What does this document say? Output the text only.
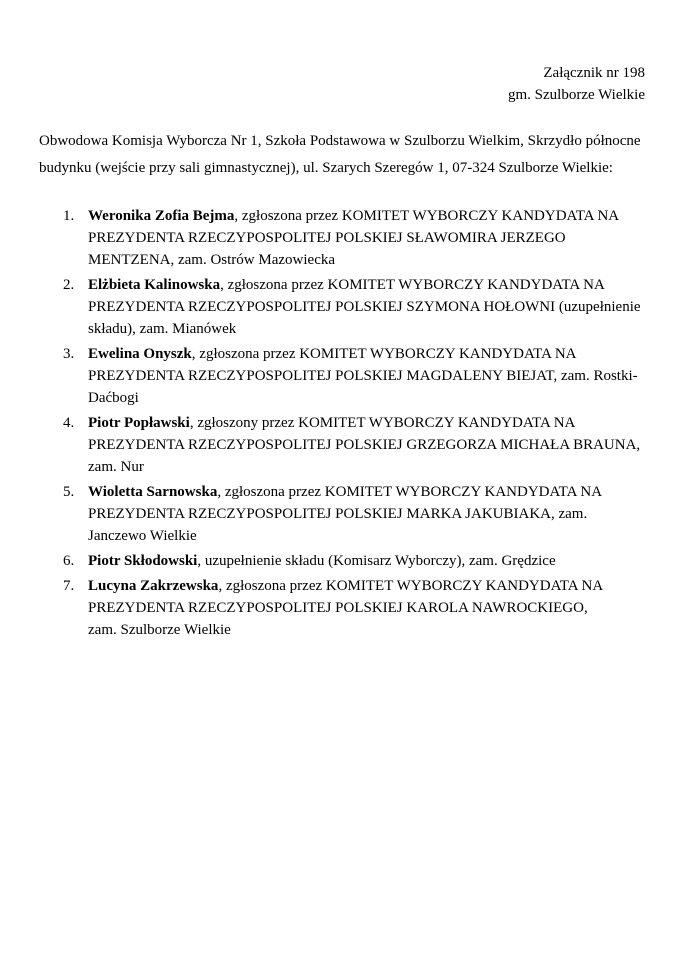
Załącznik nr 198
gm. Szulborze Wielkie

Obwodowa Komisja Wyborcza Nr 1, Szkoła Podstawowa w Szulborzu Wielkim, Skrzydło północne budynku (wejście przy sali gimnastycznej), ul. Szarych Szeregów 1, 07-324 Szulborze Wielkie:

1. Weronika Zofia Bejma, zgłoszona przez KOMITET WYBORCZY KANDYDATA NA PREZYDENTA RZECZYPOSPOLITEJ POLSKIEJ SŁAWOMIRA JERZEGO MENTZENA, zam. Ostrów Mazowiecka
2. Elżbieta Kalinowska, zgłoszona przez KOMITET WYBORCZY KANDYDATA NA PREZYDENTA RZECZYPOSPOLITEJ POLSKIEJ SZYMONA HOŁOWNI (uzupełnienie składu), zam. Mianówek
3. Ewelina Onyszk, zgłoszona przez KOMITET WYBORCZY KANDYDATA NA PREZYDENTA RZECZYPOSPOLITEJ POLSKIEJ MAGDALENY BIEJAT, zam. Rostki-Daćbogi
4. Piotr Popławski, zgłoszony przez KOMITET WYBORCZY KANDYDATA NA PREZYDENTA RZECZYPOSPOLITEJ POLSKIEJ GRZEGORZA MICHAŁA BRAUNA, zam. Nur
5. Wioletta Sarnowska, zgłoszona przez KOMITET WYBORCZY KANDYDATA NA PREZYDENTA RZECZYPOSPOLITEJ POLSKIEJ MARKA JAKUBIAKA, zam. Janczewo Wielkie
6. Piotr Skłodowski, uzupełnienie składu (Komisarz Wyborczy), zam. Grędzice
7. Lucyna Zakrzewska, zgłoszona przez KOMITET WYBORCZY KANDYDATA NA PREZYDENTA RZECZYPOSPOLITEJ POLSKIEJ KAROLA NAWROCKIEGO, zam. Szulborze Wielkie
